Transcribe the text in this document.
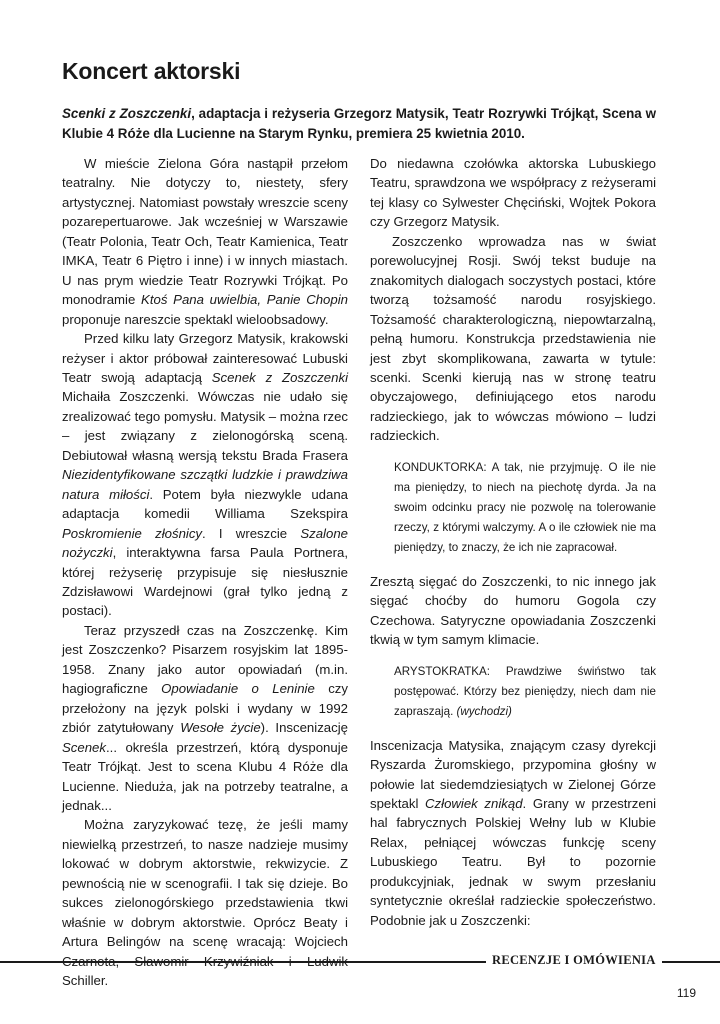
Koncert aktorski

Scenki z Zoszczenki, adaptacja i reżyseria Grzegorz Matysik, Teatr Rozrywki Trójkąt, Scena w Klubie 4 Róże dla Lucienne na Starym Rynku, premiera 25 kwietnia 2010.

W mieście Zielona Góra nastąpił przełom teatralny. Nie dotyczy to, niestety, sfery artystycznej. Natomiast powstały wreszcie sceny pozarepertuarowe. Jak wcześniej w Warszawie (Teatr Polonia, Teatr Och, Teatr Kamienica, Teatr IMKA, Teatr 6 Piętro i inne) i w innych miastach. U nas prym wiedzie Teatr Rozrywki Trójkąt. Po monodramie Ktoś Pana uwielbia, Panie Chopin proponuje nareszcie spektakl wieloobsadowy.

Przed kilku laty Grzegorz Matysik, krakowski reżyser i aktor próbował zainteresować Lubuski Teatr swoją adaptacją Scenek z Zoszczenki Michaiła Zoszczenki. Wówczas nie udało się zrealizować tego pomysłu. Matysik – można rzec – jest związany z zielonogórską sceną. Debiutował własną wersją tekstu Brada Frasera Niezidentyfikowane szczątki ludzkie i prawdziwa natura miłości. Potem była niezwykle udana adaptacja komedii Williama Szekspira Poskromienie złośnicy. I wreszcie Szalone nożyczki, interaktywna farsa Paula Portnera, której reżyserię przypisuje się niesłusznie Zdzisławowi Wardejnowi (grał tylko jedną z postaci).

Teraz przyszedł czas na Zoszczenkę. Kim jest Zoszczenko? Pisarzem rosyjskim lat 1895-1958. Znany jako autor opowiadań (m.in. hagiograficzne Opowiadanie o Leninie czy przełożony na język polski i wydany w 1992 zbiór zatytułowany Wesołe życie). Inscenizację Scenek... określa przestrzeń, którą dysponuje Teatr Trójkąt. Jest to scena Klubu 4 Róże dla Lucienne. Nieduża, jak na potrzeby teatralne, a jednak...

Można zaryzykować tezę, że jeśli mamy niewielką przestrzeń, to nasze nadzieje musimy lokować w dobrym aktorstwie, rekwizycie. Z pewnością nie w scenografii. I tak się dzieje. Bo sukces zielonogórskiego przedstawienia tkwi właśnie w dobrym aktorstwie. Oprócz Beaty i Artura Belingów na scenę wracają: Wojciech Schiller.

Do niedawna czołówka aktorska Lubuskiego Teatru, sprawdzona we współpracy z reżyserami tej klasy co Sylwester Chęciński, Wojtek Pokora czy Grzegorz Matysik.

Zoszczenko wprowadza nas w świat porewolucyjnej Rosji. Swój tekst buduje na znakomitych dialogach soczystych postaci, które tworzą tożsamość narodu rosyjskiego. Tożsamość charakterologiczną, niepowtarzalną, pełną humoru. Konstrukcja przedstawienia nie jest zbyt skomplikowana, zawarta w tytule: scenki. Scenki kierują nas w stronę teatru obyczajowego, definiującego etos narodu radzieckiego, jak to wówczas mówiono – ludzi radzieckich.

KONDUKTORKA: A tak, nie przyjmuję. O ile nie ma pieniędzy, to niech na piechotę dyrda. Ja na swoim odcinku pracy nie pozwolę na tolerowanie rzeczy, z którymi walczymy. A o ile człowiek nie ma pieniędzy, to znaczy, że ich nie zapracował.

Zresztą sięgać do Zoszczenki, to nic innego jak sięgać choćby do humoru Gogola czy Czechowa. Satyryczne opowiadania Zoszczenki tkwią w tym samym klimacie.

ARYSTOKRATKA: Prawdziwe świństwo tak postępować. Którzy bez pieniędzy, niech dam nie zapraszają. (wychodzi)

Inscenizacja Matysika, znającym czasy dyrekcji Ryszarda Żuromskiego, przypomina głośny w połowie lat siedemdziesiątych w Zielonej Górze spektakl Człowiek znikąd. Grany w przestrzeni hal fabrycznych Polskiej Wełny lub w Klubie Relax, pełniącej wówczas funkcję sceny Lubuskiego Teatru. Był to pozornie produkcyjniak, jednak w swym przesłaniu syntetycznie określał radzieckie społeczeństwo. Podobnie jak u Zoszczenki:

RECENZJE I OMÓWIENIA
119
